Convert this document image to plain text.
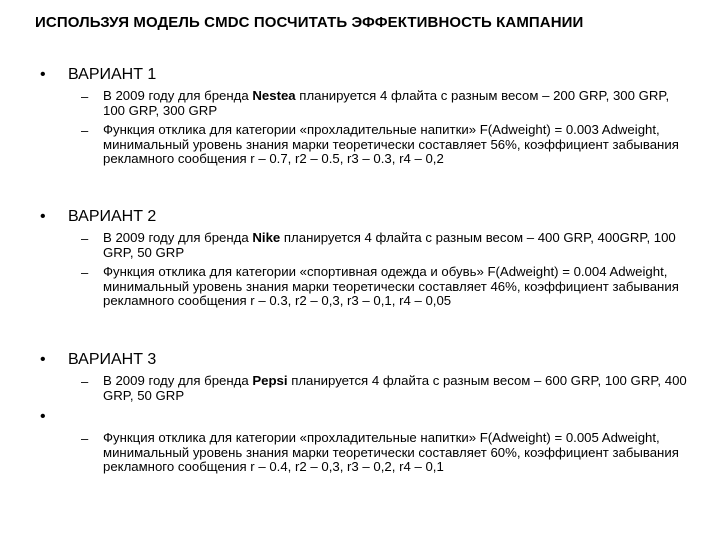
ИСПОЛЬЗУЯ МОДЕЛЬ CMDC ПОСЧИТАТЬ ЭФФЕКТИВНОСТЬ КАМПАНИИ
• ВАРИАНТ 1
– В 2009 году для бренда Nestea планируется 4 флайта с разным весом – 200 GRP, 300 GRP, 100 GRP, 300 GRP
– Функция отклика для категории «прохладительные напитки» F(Adweight) = 0.003 Adweight, минимальный уровень знания марки теоретически составляет 56%, коэффициент забывания рекламного сообщения r – 0.7, r2 – 0.5, r3 – 0.3, r4 – 0,2
• ВАРИАНТ 2
– В 2009 году для бренда Nike планируется 4 флайта с разным весом – 400 GRP, 400GRP, 100 GRP, 50 GRP
– Функция отклика для категории «спортивная одежда и обувь» F(Adweight) = 0.004 Adweight, минимальный уровень знания марки теоретически составляет 46%, коэффициент забывания рекламного сообщения r – 0.3, r2 – 0,3, r3 – 0,1, r4 – 0,05
• ВАРИАНТ 3
– В 2009 году для бренда Pepsi планируется 4 флайта с разным весом – 600 GRP, 100 GRP, 400 GRP, 50 GRP
•
– Функция отклика для категории «прохладительные напитки» F(Adweight) = 0.005 Adweight, минимальный уровень знания марки теоретически составляет 60%, коэффициент забывания рекламного сообщения r – 0.4, r2 – 0,3, r3 – 0,2, r4 – 0,1
